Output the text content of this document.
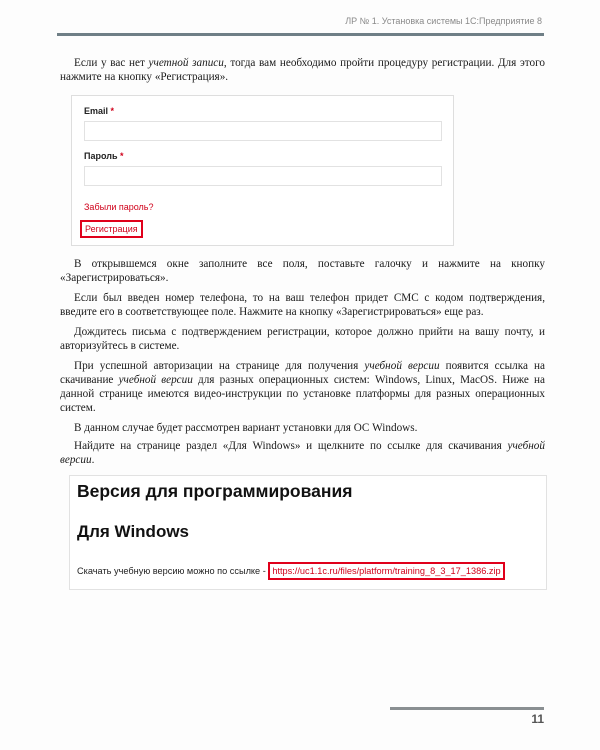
ЛР № 1. Установка системы 1С:Предприятие 8

Если у вас нет учетной записи, тогда вам необходимо пройти процедуру регистрации. Для этого нажмите на кнопку «Регистрация».

Email *
Пароль *
Забыли пароль?
Регистрация

В открывшемся окне заполните все поля, поставьте галочку и нажмите на кнопку «Зарегистрироваться».

Если был введен номер телефона, то на ваш телефон придет СМС с кодом подтверждения, введите его в соответствующее поле. Нажмите на кнопку «Зарегистрироваться» еще раз.

Дождитесь письма с подтверждением регистрации, которое должно прийти на вашу почту, и авторизуйтесь в системе.

При успешной авторизации на странице для получения учебной версии появится ссылка на скачивание учебной версии для разных операционных систем: Windows, Linux, MacOS. Ниже на данной странице имеются видео-инструкции по установке платформы для разных операционных систем.

В данном случае будет рассмотрен вариант установки для ОС Windows.

Найдите на странице раздел «Для Windows» и щелкните по ссылке для скачивания учебной версии.

Версия для программирования
Для Windows
Скачать учебную версию можно по ссылке - https://uc1.1c.ru/files/platform/training_8_3_17_1386.zip
11
